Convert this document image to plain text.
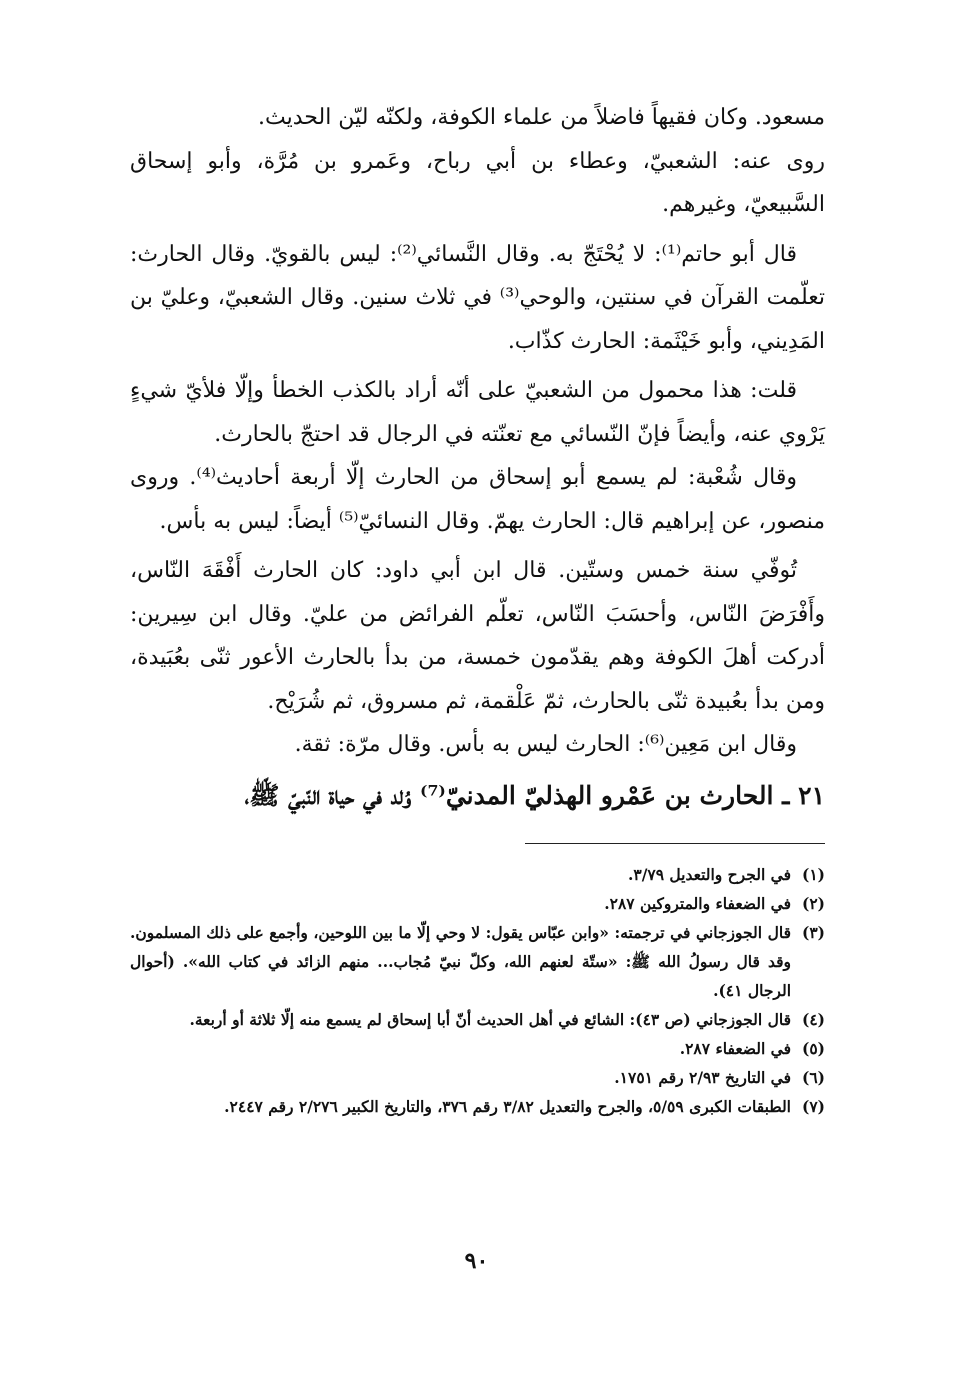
مسعود. وكان فقيهاً فاضلاً من علماء الكوفة، ولكنّه ليّن الحديث.

روى عنه: الشعبيّ، وعطاء بن أبي رباح، وعَمرو بن مُرَّة، وأبو إسحاق السَّبيعيّ، وغيرهم.

قال أبو حاتم⁽¹⁾: لا يُحْتَجّ به. وقال النَّسائي⁽²⁾: ليس بالقويّ. وقال الحارث: تعلّمت القرآن في سنتين، والوحي⁽³⁾ في ثلاث سنين. وقال الشعبيّ، وعليّ بن المَدِيني، وأبو خَيْثَمة: الحارث كذّاب.

قلت: هذا محمول من الشعبيّ على أنّه أراد بالكذب الخطأ وإلّا فلأيّ شيءٍ يَرْوي عنه، وأيضاً فإنّ النّسائي مع تعنّته في الرجال قد احتجّ بالحارث.

وقال شُعْبة: لم يسمع أبو إسحاق من الحارث إلّا أربعة أحاديث⁽⁴⁾. وروى منصور، عن إبراهيم قال: الحارث يهمّ. وقال النسائيّ⁽⁵⁾ أيضاً: ليس به بأس.

تُوفّي سنة خمس وستّين. قال ابن أبي داود: كان الحارث أَفْقَهَ النّاس، وأَفْرَضَ النّاس، وأحسَبَ النّاس، تعلّم الفرائض من عليّ. وقال ابن سِيرين: أدركت أهلَ الكوفة وهم يقدّمون خمسة، من بدأ بالحارث الأعور ثنّى بعُبَيدة، ومن بدأ بعُبيدة ثنّى بالحارث، ثمّ عَلْقمة، ثم مسروق، ثم شُرَيْح.

وقال ابن مَعِين⁽⁶⁾: الحارث ليس به بأس. وقال مرّة: ثقة.

٢١ ـ الحارث بن عَمْرو الهذليّ المدنيّ⁽⁷⁾ وُلد في حياة النّبيّ ﷺ،
(١)
في الجرح والتعديل ٣/٧٩.
(٢)
في الضعفاء والمتروكين ٢٨٧.
(٣)
قال الجوزجاني في ترجمته: «وابن عبّاس يقول: لا وحي إلّا ما بين اللوحين، وأجمع على ذلك المسلمون. وقد قال رسولُ الله ﷺ: «ستّة لعنهم الله، وكلّ نبيّ مُجاب... منهم الزائد في كتاب الله». (أحوال الرجال ٤١).
(٤)
قال الجوزجاني (ص ٤٣): الشائع في أهل الحديث أنّ أبا إسحاق لم يسمع منه إلّا ثلاثة أو أربعة.
(٥)
في الضعفاء ٢٨٧.
(٦)
في التاريخ ٢/٩٣ رقم ١٧٥١.
(٧)
الطبقات الكبرى ٥/٥٩، والجرح والتعديل ٣/٨٢ رقم ٣٧٦، والتاريخ الكبير ٢/٢٧٦ رقم ٢٤٤٧.
٩٠
